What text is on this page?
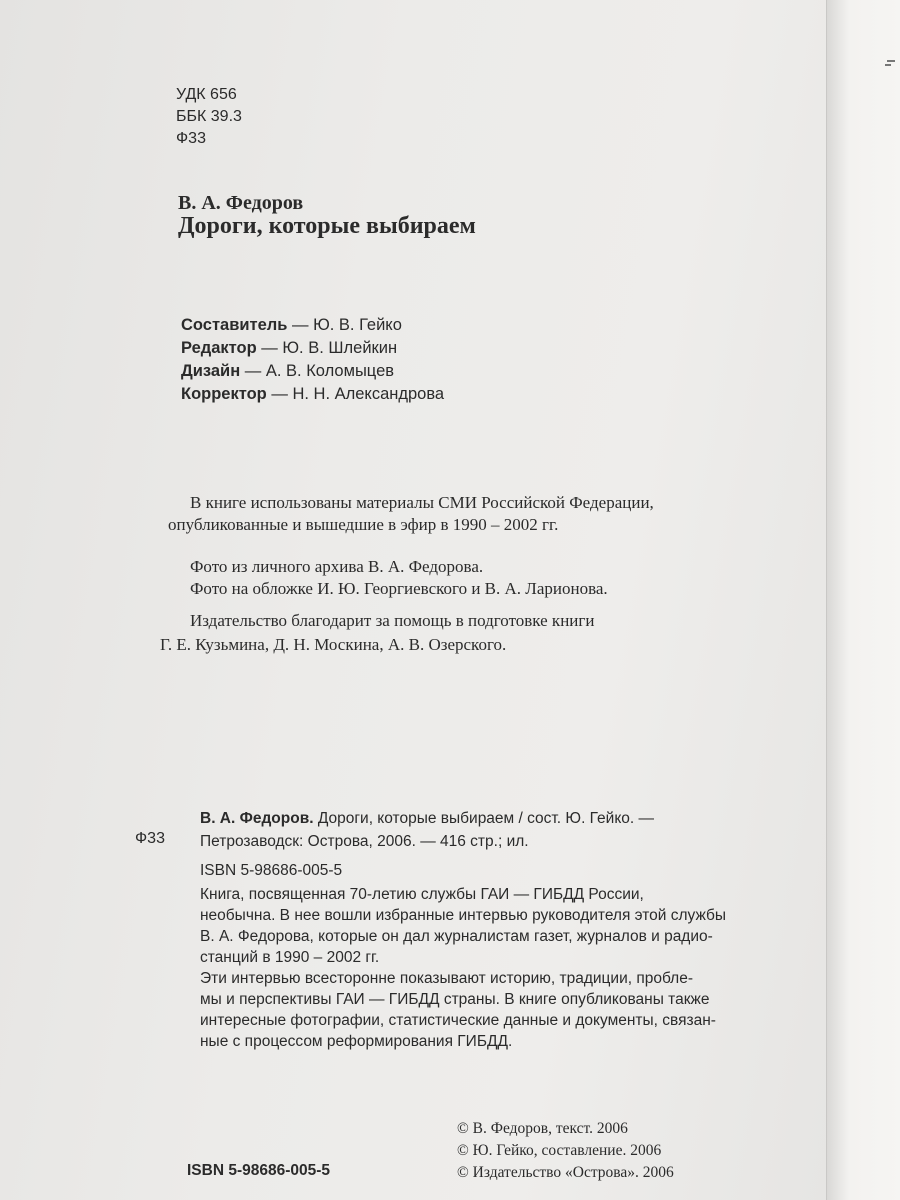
УДК 656
ББК 39.3
Ф33
В. А. Федоров
Дороги, которые выбираем
Составитель — Ю. В. Гейко
Редактор — Ю. В. Шлейкин
Дизайн — А. В. Коломыцев
Корректор — Н. Н. Александрова
В книге использованы материалы СМИ Российской Федерации,
опубликованные и вышедшие в эфир в 1990 – 2002 гг.
Фото из личного архива В. А. Федорова.
Фото на обложке И. Ю. Георгиевского и В. А. Ларионова.
Издательство благодарит за помощь в подготовке книги
Г. Е. Кузьмина, Д. Н. Москина, А. В. Озерского.
Ф33
В. А. Федоров. Дороги, которые выбираем / сост. Ю. Гейко. —
Петрозаводск: Острова, 2006. — 416 стр.; ил.
ISBN 5-98686-005-5
Книга, посвященная 70-летию службы ГАИ — ГИБДД России,
необычна. В нее вошли избранные интервью руководителя этой службы
В. А. Федорова, которые он дал журналистам газет, журналов и радио-
станций в 1990 – 2002 гг.
Эти интервью всесторонне показывают историю, традиции, пробле-
мы и перспективы ГАИ — ГИБДД страны. В книге опубликованы также
интересные фотографии, статистические данные и документы, связан-
ные с процессом реформирования ГИБДД.
ISBN 5-98686-005-5
© В. Федоров, текст. 2006
© Ю. Гейко, составление. 2006
© Издательство «Острова». 2006
